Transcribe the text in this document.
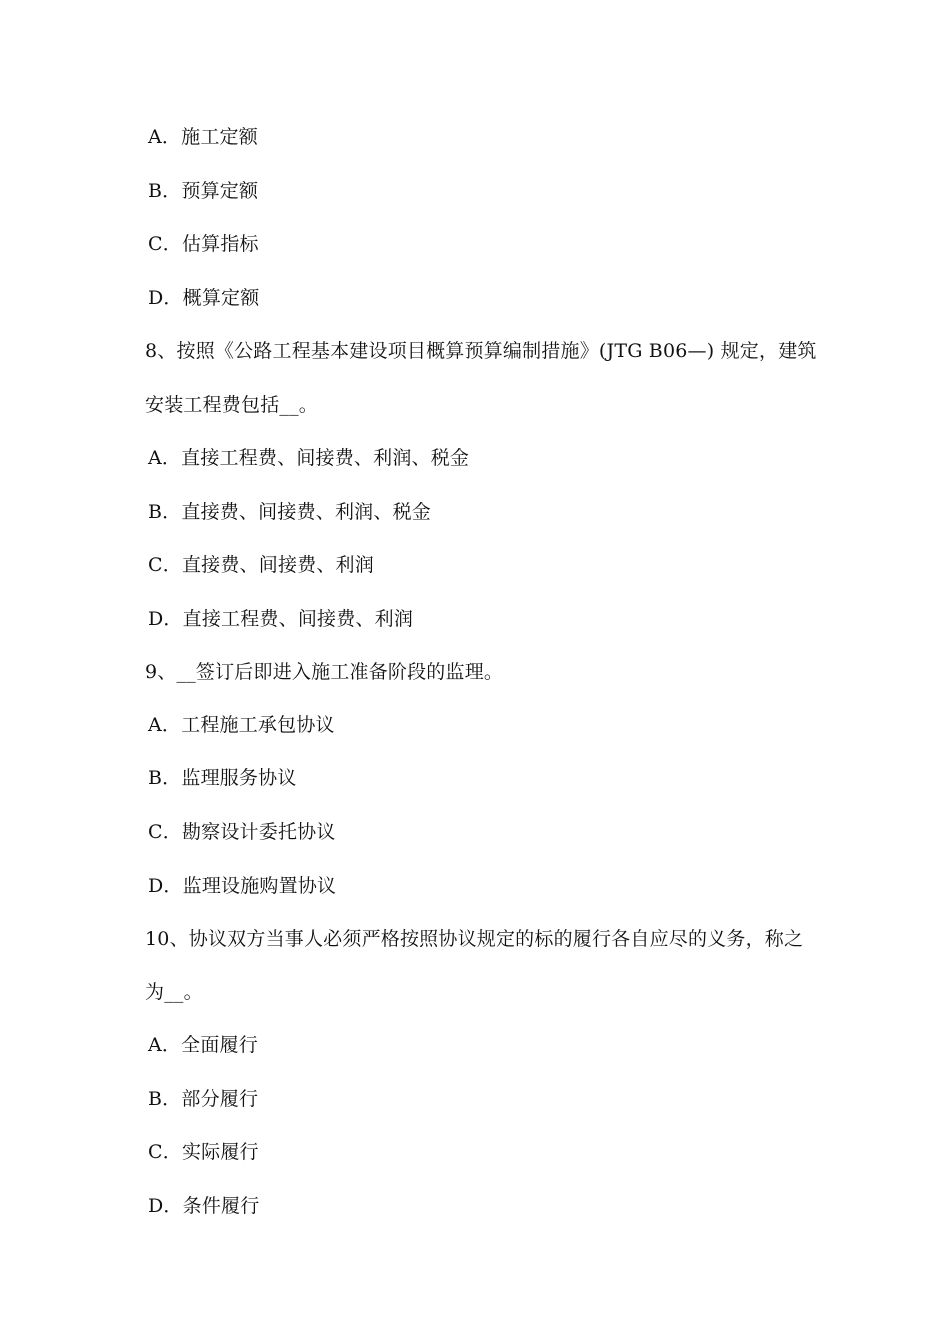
A．施工定额
B．预算定额
C．估算指标
D．概算定额
8、按照《公路工程基本建设项目概算预算编制措施》(JTG B06—) 规定，建筑
安装工程费包括__。
A．直接工程费、间接费、利润、税金
B．直接费、间接费、利润、税金
C．直接费、间接费、利润
D．直接工程费、间接费、利润
9、__签订后即进入施工准备阶段的监理。
A．工程施工承包协议
B．监理服务协议
C．勘察设计委托协议
D．监理设施购置协议
10、协议双方当事人必须严格按照协议规定的标的履行各自应尽的义务，称之
为__。
A．全面履行
B．部分履行
C．实际履行
D．条件履行
